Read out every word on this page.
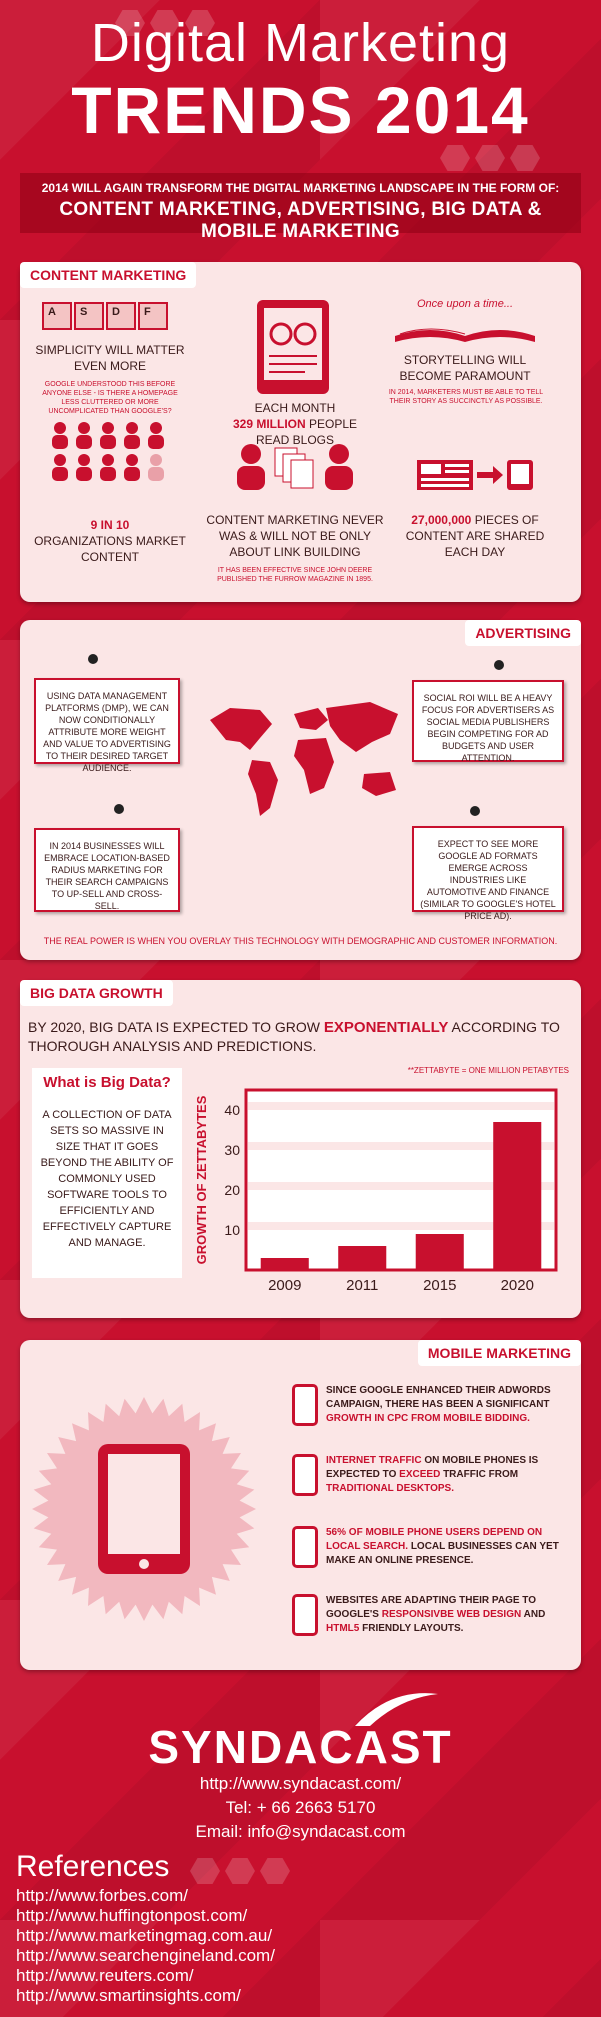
Digital Marketing
TRENDS 2014
2014 WILL AGAIN TRANSFORM THE DIGITAL MARKETING LANDSCAPE IN THE FORM OF:
CONTENT MARKETING, ADVERTISING, BIG DATA & MOBILE MARKETING
CONTENT MARKETING
A	S	D	F
SIMPLICITY WILL MATTER EVEN MORE
GOOGLE UNDERSTOOD THIS BEFORE ANYONE ELSE - IS THERE A HOMEPAGE LESS CLUTTERED OR MORE UNCOMPLICATED THAN GOOGLE'S?	EACH MONTH
329 MILLION PEOPLE
READ BLOGS
Once upon a time...
STORYTELLING WILL BECOME PARAMOUNT
IN 2014, MARKETERS MUST BE ABLE TO TELL THEIR STORY AS SUCCINCTLY AS POSSIBLE.
9 IN 10
ORGANIZATIONS MARKET CONTENT
CONTENT MARKETING NEVER WAS & WILL NOT BE ONLY ABOUT LINK BUILDING
IT HAS BEEN EFFECTIVE SINCE JOHN DEERE PUBLISHED THE FURROW MAGAZINE IN 1895.
27,000,000 PIECES OF CONTENT ARE SHARED EACH DAY
ADVERTISING
USING DATA MANAGEMENT PLATFORMS (DMP), WE CAN NOW CONDITIONALLY ATTRIBUTE MORE WEIGHT AND VALUE TO ADVERTISING TO THEIR DESIRED TARGET AUDIENCE.
SOCIAL ROI WILL BE A HEAVY FOCUS FOR ADVERTISERS AS SOCIAL MEDIA PUBLISHERS BEGIN COMPETING FOR AD BUDGETS AND USER ATTENTION.
IN 2014 BUSINESSES WILL EMBRACE LOCATION-BASED RADIUS MARKETING FOR THEIR SEARCH CAMPAIGNS TO UP-SELL AND CROSS-SELL.
EXPECT TO SEE MORE GOOGLE AD FORMATS EMERGE ACROSS INDUSTRIES LIKE AUTOMOTIVE AND FINANCE (SIMILAR TO GOOGLE'S HOTEL PRICE AD).
THE REAL POWER IS WHEN YOU OVERLAY THIS TECHNOLOGY WITH DEMOGRAPHIC AND CUSTOMER INFORMATION.
BIG DATA GROWTH
BY 2020, BIG DATA IS EXPECTED TO GROW EXPONENTIALLY ACCORDING TO THOROUGH ANALYSIS AND PREDICTIONS.
What is Big Data?
A COLLECTION OF DATA SETS SO MASSIVE IN SIZE THAT IT GOES BEYOND THE ABILITY OF COMMONLY USED SOFTWARE TOOLS TO EFFICIENTLY AND EFFECTIVELY CAPTURE AND MANAGE.
**ZETTABYTE = ONE MILLION PETABYTES
10
20
30
40
2009	2011	2015	2020
GROWTH OF ZETTABYTES
MOBILE MARKETING
SINCE GOOGLE ENHANCED THEIR ADWORDS CAMPAIGN, THERE HAS BEEN A SIGNIFICANT GROWTH IN CPC FROM MOBILE BIDDING.
INTERNET TRAFFIC ON MOBILE PHONES IS EXPECTED TO EXCEED TRAFFIC FROM TRADITIONAL DESKTOPS.
56% OF MOBILE PHONE USERS DEPEND ON LOCAL SEARCH. LOCAL BUSINESSES CAN YET MAKE AN ONLINE PRESENCE.
WEBSITES ARE ADAPTING THEIR PAGE TO GOOGLE'S RESPONSIVBE WEB DESIGN AND HTML5 FRIENDLY LAYOUTS.
SYNDACAST
http://www.syndacast.com/
Tel: + 66 2663 5170
Email: info@syndacast.com
References
http://www.forbes.com/
http://www.huffingtonpost.com/
http://www.marketingmag.com.au/
http://www.searchengineland.com/
http://www.reuters.com/
http://www.smartinsights.com/
